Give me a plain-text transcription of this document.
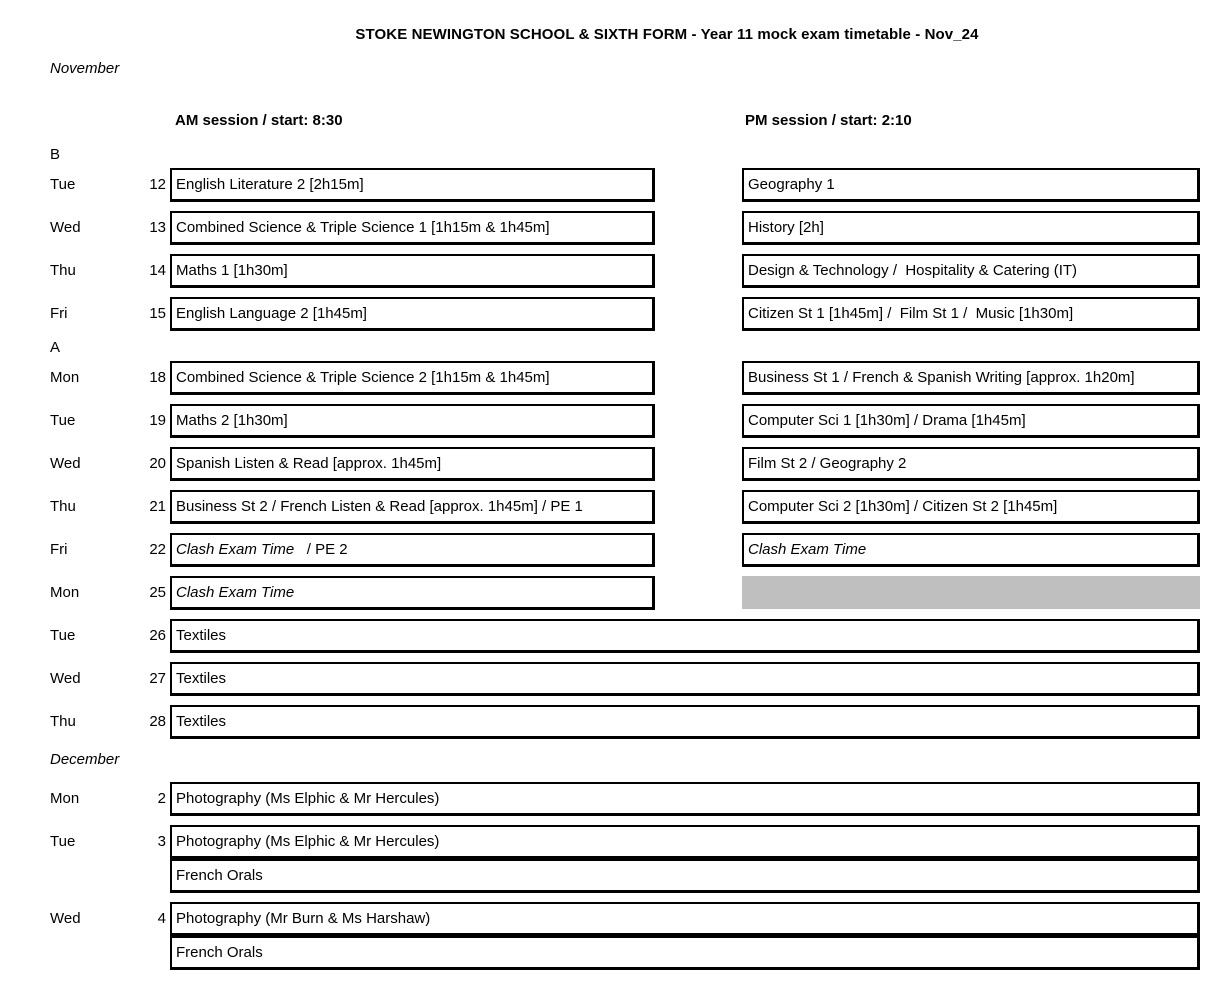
STOKE NEWINGTON SCHOOL & SIXTH FORM - Year 11 mock exam timetable - Nov_24
November
AM session / start: 8:30	PM session / start: 2:10
B
Tue	12 English Literature 2 [2h15m]	Geography 1
Wed	13 Combined Science & Triple Science 1 [1h15m & 1h45m]	History [2h]
Thu	14 Maths 1 [1h30m]	Design & Technology /  Hospitality & Catering (IT)
Fri	15 English Language 2 [1h45m]	Citizen St 1 [1h45m] /  Film St 1 /  Music [1h30m]
A
Mon	18 Combined Science & Triple Science 2 [1h15m & 1h45m]	Business St 1 / French & Spanish Writing [approx. 1h20m]
Tue	19 Maths 2 [1h30m]	Computer Sci 1 [1h30m] / Drama [1h45m]
Wed	20 Spanish Listen & Read [approx. 1h45m]	Film St 2 / Geography 2
Thu	21 Business St 2 / French Listen & Read [approx. 1h45m] / PE 1	Computer Sci 2 [1h30m] / Citizen St 2 [1h45m]
Fri	22 Clash Exam Time / PE 2	Clash Exam Time
Mon	25 Clash Exam Time
Tue	26 Textiles
Wed	27 Textiles
Thu	28 Textiles
December
Mon	2 Photography (Ms Elphic & Mr Hercules)
Tue	3 Photography (Ms Elphic & Mr Hercules)
French Orals
Wed	4 Photography (Mr Burn & Ms Harshaw)
French Orals
